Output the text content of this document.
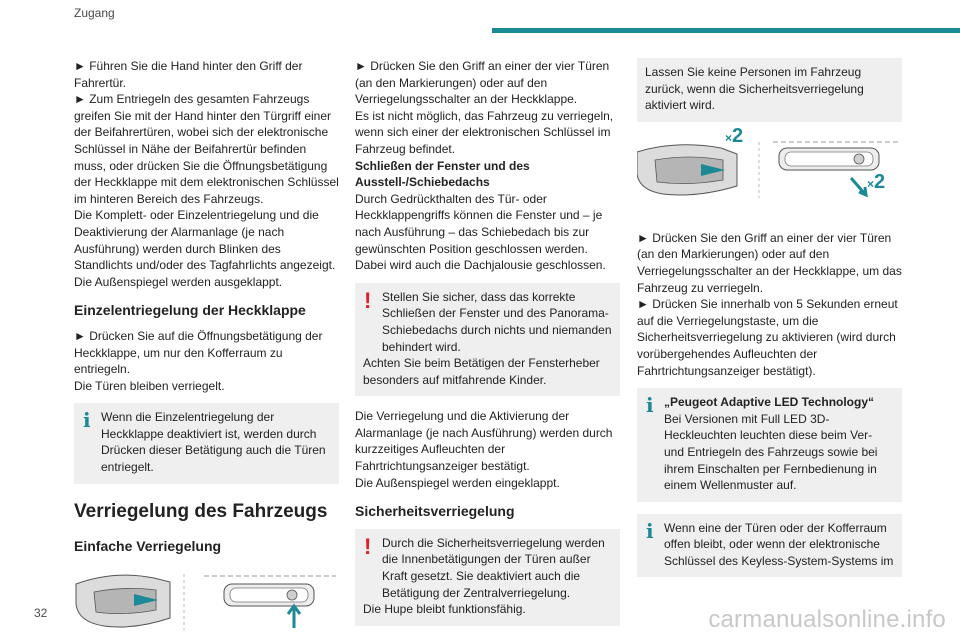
Zugang

► Führen Sie die Hand hinter den Griff der Fahrertür.

► Zum Entriegeln des gesamten Fahrzeugs greifen Sie mit der Hand hinter den Türgriff einer der Beifahrertüren, wobei sich der elektronische Schlüssel in Nähe der Beifahrertür befinden muss, oder drücken Sie die Öffnungsbetätigung der Heckklappe mit dem elektronischen Schlüssel im hinteren Bereich des Fahrzeugs.

Die Komplett- oder Einzelentriegelung und die Deaktivierung der Alarmanlage (je nach Ausführung) werden durch Blinken des Standlichts und/oder des Tagfahrlichts angezeigt.

Die Außenspiegel werden ausgeklappt.

Einzelentriegelung der Heckklappe

► Drücken Sie auf die Öffnungsbetätigung der Heckklappe, um nur den Kofferraum zu entriegeln.

Die Türen bleiben verriegelt.

i Wenn die Einzelentriegelung der Heckklappe deaktiviert ist, werden durch Drücken dieser Betätigung auch die Türen entriegelt.

Verriegelung des Fahrzeugs

Einfache Verriegelung

► Drücken Sie den Griff an einer der vier Türen (an den Markierungen) oder auf den Verriegelungsschalter an der Heckklappe.

Es ist nicht möglich, das Fahrzeug zu verriegeln, wenn sich einer der elektronischen Schlüssel im Fahrzeug befindet.

Schließen der Fenster und des Ausstell-/Schiebedachs

Durch Gedrückthalten des Tür- oder Heckklappengriffs können die Fenster und – je nach Ausführung – das Schiebedach bis zur gewünschten Position geschlossen werden.

Dabei wird auch die Dachjalousie geschlossen.

! Stellen Sie sicher, dass das korrekte Schließen der Fenster und des Panorama-Schiebedachs durch nichts und niemanden behindert wird.

Achten Sie beim Betätigen der Fensterheber besonders auf mitfahrende Kinder.

Die Verriegelung und die Aktivierung der Alarmanlage (je nach Ausführung) werden durch kurzzeitiges Aufleuchten der Fahrtrichtungsanzeiger bestätigt.

Die Außenspiegel werden eingeklappt.

Sicherheitsverriegelung

! Durch die Sicherheitsverriegelung werden die Innenbetätigungen der Türen außer Kraft gesetzt. Sie deaktiviert auch die Betätigung der Zentralverriegelung.

Die Hupe bleibt funktionsfähig.

Lassen Sie keine Personen im Fahrzeug zurück, wenn die Sicherheitsverriegelung aktiviert wird.

×2
×2

► Drücken Sie den Griff an einer der vier Türen (an den Markierungen) oder auf den Verriegelungsschalter an der Heckklappe, um das Fahrzeug zu verriegeln.

► Drücken Sie innerhalb von 5 Sekunden erneut auf die Verriegelungstaste, um die Sicherheitsverriegelung zu aktivieren (wird durch vorübergehendes Aufleuchten der Fahrtrichtungsanzeiger bestätigt).

i „Peugeot Adaptive LED Technology“

Bei Versionen mit Full LED 3D-Heckleuchten leuchten diese beim Ver- und Entriegeln des Fahrzeugs sowie bei ihrem Einschalten per Fernbedienung in einem Wellenmuster auf.

i Wenn eine der Türen oder der Kofferraum offen bleibt, oder wenn der elektronische Schlüssel des Keyless-System-Systems im

32	carmanualsonline.info
